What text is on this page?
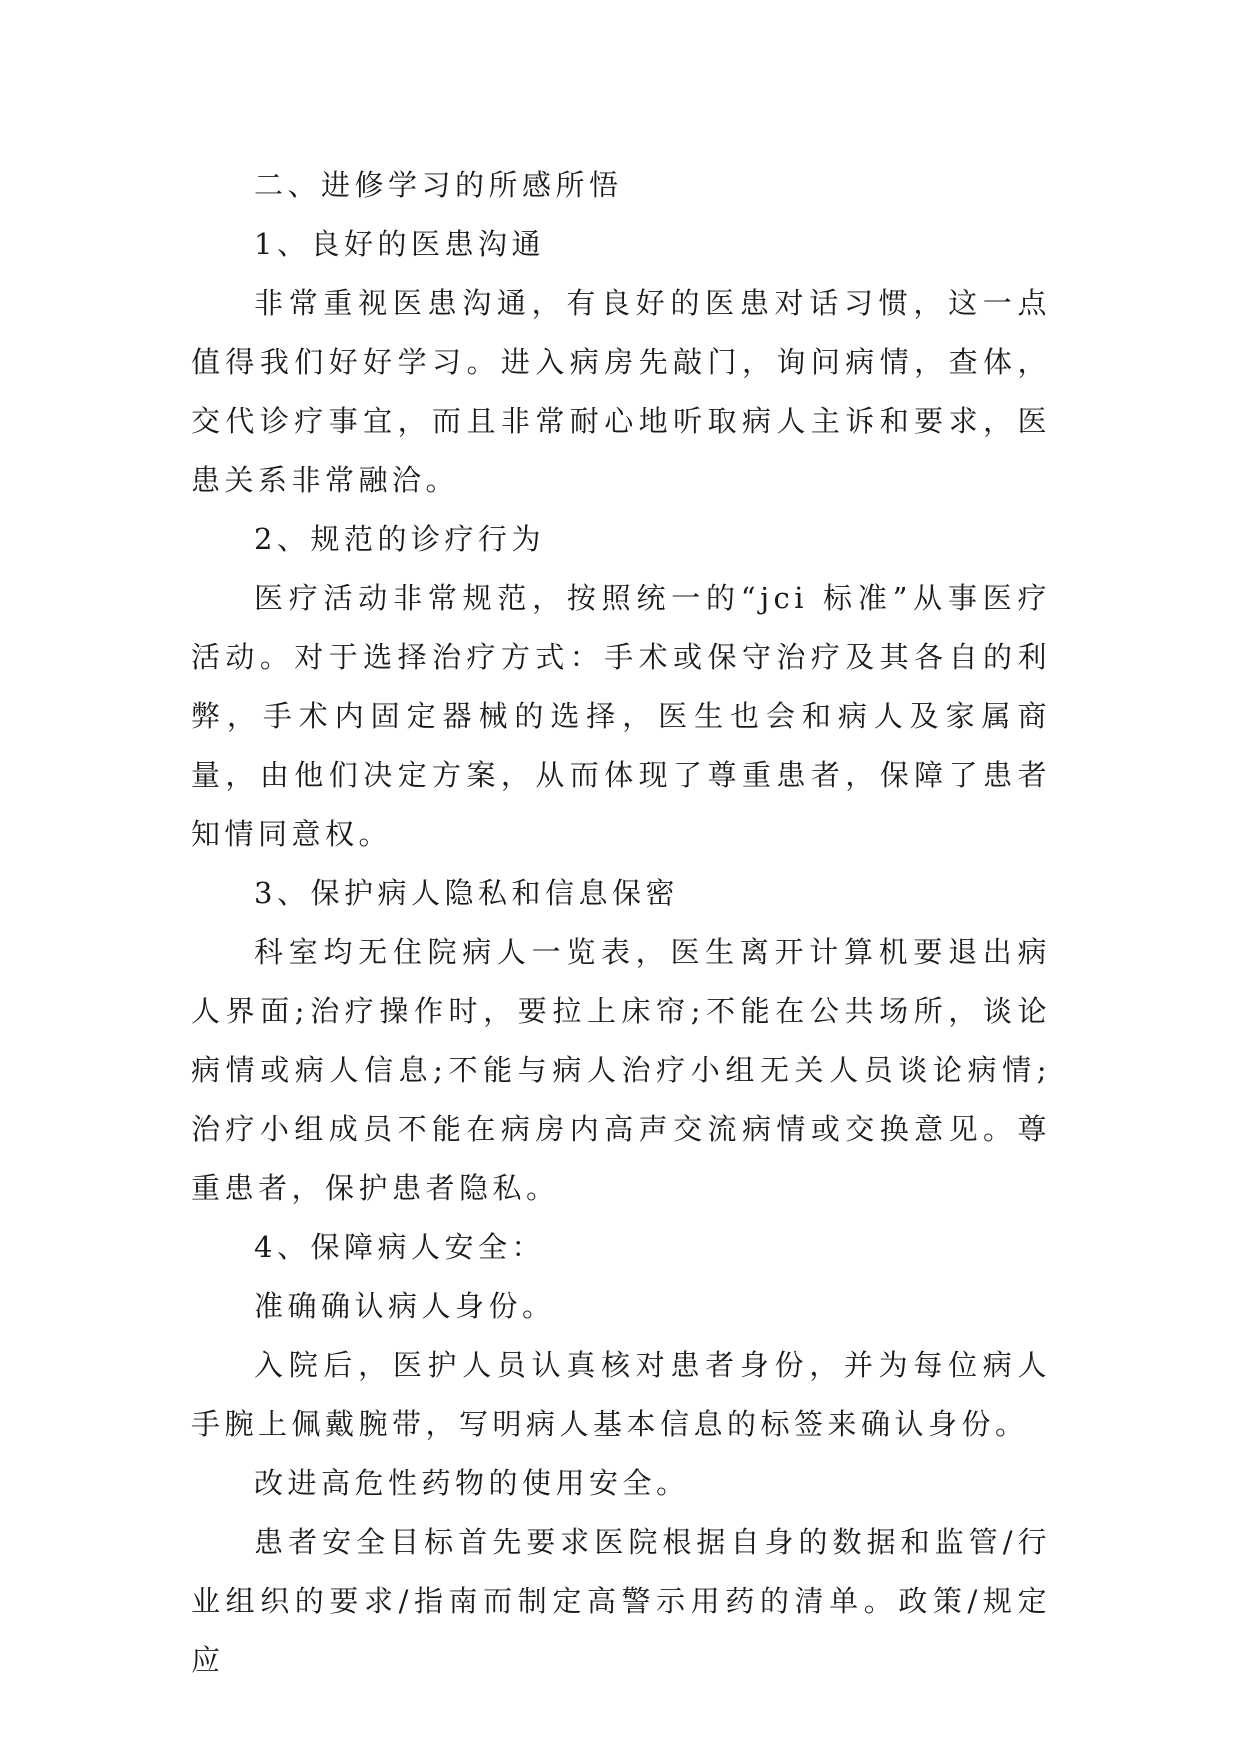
二、进修学习的所感所悟

1、良好的医患沟通

非常重视医患沟通，有良好的医患对话习惯，这一点值得我们好好学习。进入病房先敲门，询问病情，查体，交代诊疗事宜，而且非常耐心地听取病人主诉和要求，医患关系非常融洽。

2、规范的诊疗行为

医疗活动非常规范，按照统一的“jci 标准”从事医疗活动。对于选择治疗方式：手术或保守治疗及其各自的利弊，手术内固定器械的选择，医生也会和病人及家属商量，由他们决定方案，从而体现了尊重患者，保障了患者知情同意权。

3、保护病人隐私和信息保密

科室均无住院病人一览表，医生离开计算机要退出病人界面;治疗操作时，要拉上床帘;不能在公共场所，谈论病情或病人信息;不能与病人治疗小组无关人员谈论病情;治疗小组成员不能在病房内高声交流病情或交换意见。尊重患者，保护患者隐私。

4、保障病人安全：

准确确认病人身份。

入院后，医护人员认真核对患者身份，并为每位病人手腕上佩戴腕带，写明病人基本信息的标签来确认身份。

改进高危性药物的使用安全。

患者安全目标首先要求医院根据自身的数据和监管/行业组织的要求/指南而制定高警示用药的清单。政策/规定应
